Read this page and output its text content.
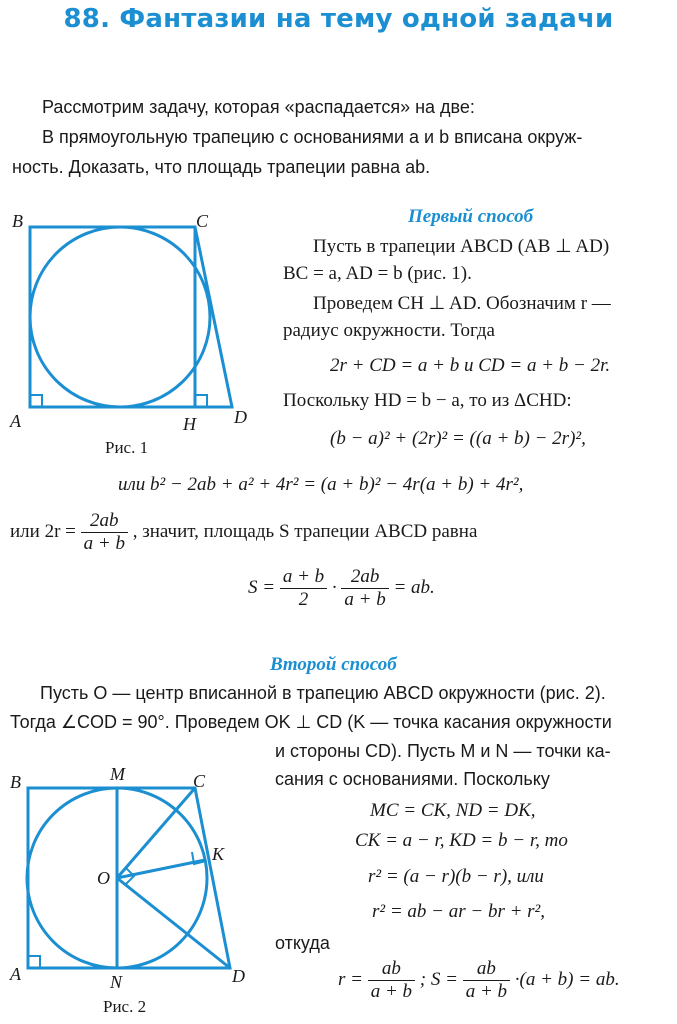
88. Фантазии на тему одной задачи
Рассмотрим задачу, которая «распадается» на две:
В прямоугольную трапецию с основаниями a и b вписана окруж-
ность. Доказать, что площадь трапеции равна ab.
B	C
A	H D
Рис. 1
Первый способ
Пусть в трапеции ABCD (AB ⊥ AD)
BC = a, AD = b (рис. 1).
Проведем CH ⊥ AD. Обозначим r —
радиус окружности. Тогда
2r + CD = a + b и CD = a + b − 2r.
Поскольку HD = b − a, то из ΔCHD:
(b − a)² + (2r)² = ((a + b) − 2r)²,
или b² − 2ab + a² + 4r² = (a + b)² − 4r(a + b) + 4r²,
или $2r = \frac{2ab}{a + b}$ , значит, площадь S трапеции ABCD равна
$S = \frac{a + b}{2} \cdot \frac{2ab}{a + b}$ = ab.
Второй способ
Пусть O — центр вписанной в трапецию ABCD окружности (рис. 2).
Тогда ∠COD = 90°. Проведем OK ⊥ CD (K — точка касания окружности
и стороны CD). Пусть M и N — точки ка-
сания с основаниями. Поскольку
MC = CK, ND = DK,
CK = a − r, KD = b − r, то
r² = (a − r)(b − r), или
r² = ab − ar − br + r²,
откуда
$r = \frac{ab}{a + b}$ ; $S = \frac{ab}{a + b} \cdot(a + b)$ = ab.
B	M	C
K
O
A	N	D
Рис. 2
